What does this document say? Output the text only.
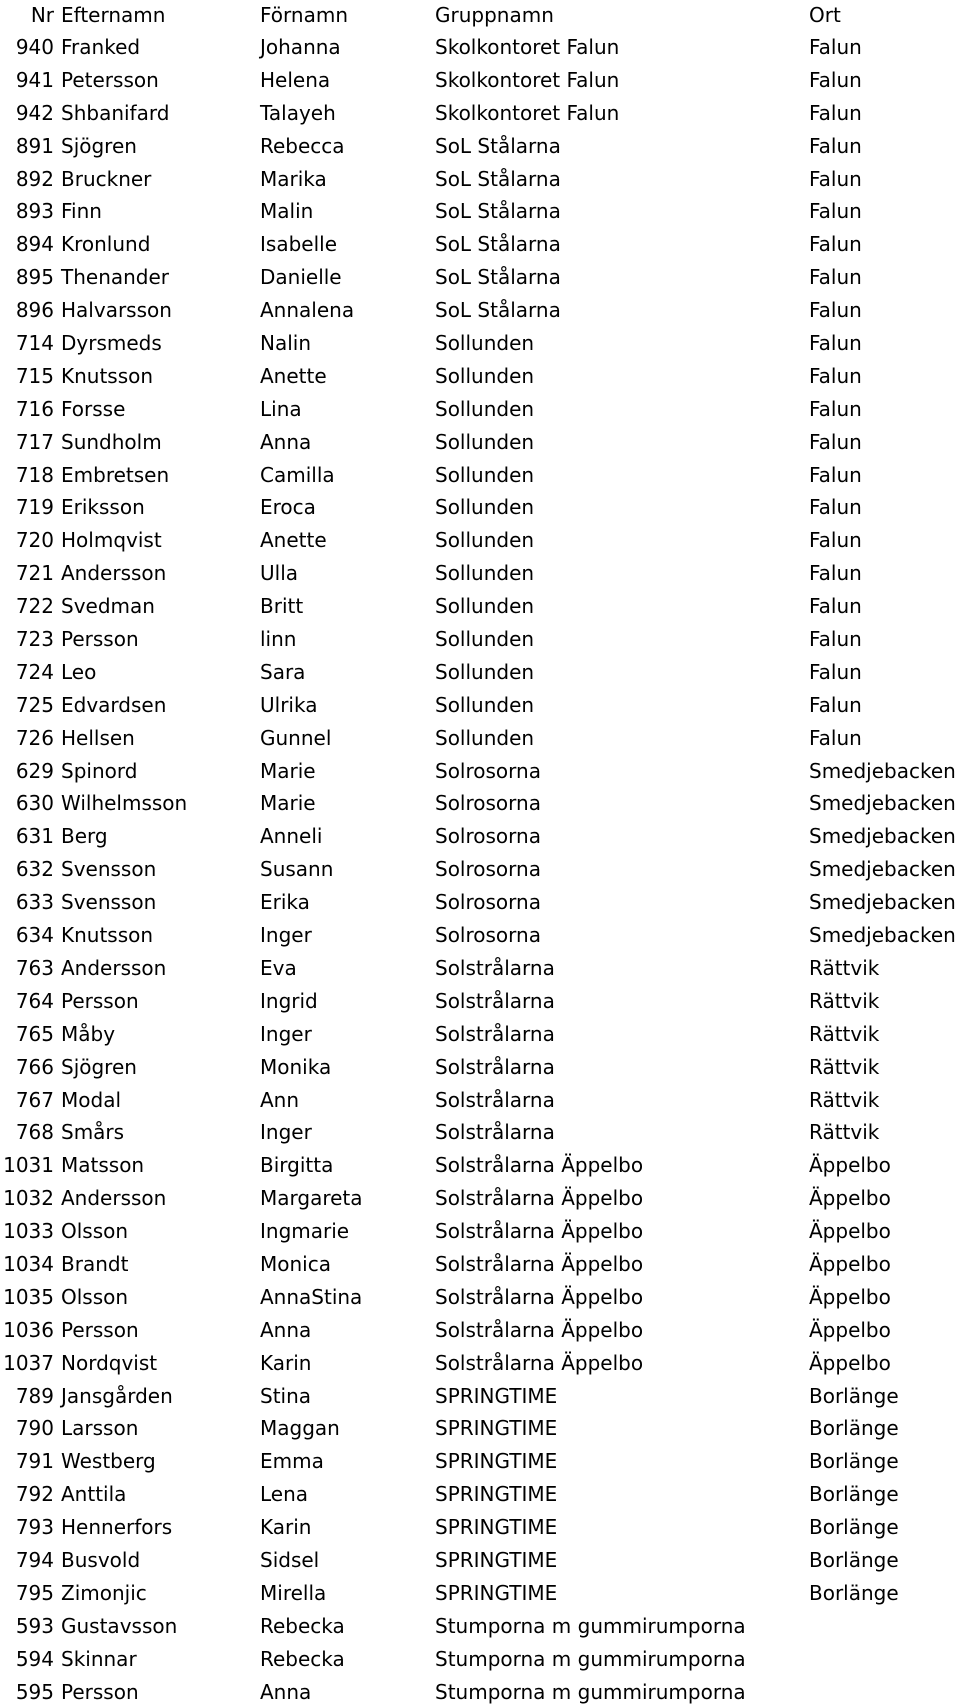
Nr Efternamn	Förnamn	Gruppnamn	Ort
940 Franked	Johanna	Skolkontoret Falun	Falun
941 Petersson	Helena	Skolkontoret Falun	Falun
942 Shbanifard	Talayeh	Skolkontoret Falun	Falun
891 Sjögren	Rebecca	SoL Stålarna	Falun
892 Bruckner	Marika	SoL Stålarna	Falun
893 Finn	Malin	SoL Stålarna	Falun
894 Kronlund	Isabelle	SoL Stålarna	Falun
895 Thenander	Danielle	SoL Stålarna	Falun
896 Halvarsson	Annalena	SoL Stålarna	Falun
714 Dyrsmeds	Nalin	Sollunden	Falun
715 Knutsson	Anette	Sollunden	Falun
716 Forsse	Lina	Sollunden	Falun
717 Sundholm	Anna	Sollunden	Falun
718 Embretsen	Camilla	Sollunden	Falun
719 Eriksson	Eroca	Sollunden	Falun
720 Holmqvist	Anette	Sollunden	Falun
721 Andersson	Ulla	Sollunden	Falun
722 Svedman	Britt	Sollunden	Falun
723 Persson	linn	Sollunden	Falun
724 Leo	Sara	Sollunden	Falun
725 Edvardsen	Ulrika	Sollunden	Falun
726 Hellsen	Gunnel	Sollunden	Falun
629 Spinord	Marie	Solrosorna	Smedjebacken
630 Wilhelmsson	Marie	Solrosorna	Smedjebacken
631 Berg	Anneli	Solrosorna	Smedjebacken
632 Svensson	Susann	Solrosorna	Smedjebacken
633 Svensson	Erika	Solrosorna	Smedjebacken
634 Knutsson	Inger	Solrosorna	Smedjebacken
763 Andersson	Eva	Solstrålarna	Rättvik
764 Persson	Ingrid	Solstrålarna	Rättvik
765 Måby	Inger	Solstrålarna	Rättvik
766 Sjögren	Monika	Solstrålarna	Rättvik
767 Modal	Ann	Solstrålarna	Rättvik
768 Smårs	Inger	Solstrålarna	Rättvik
1031 Matsson	Birgitta	Solstrålarna Äppelbo	Äppelbo
1032 Andersson	Margareta	Solstrålarna Äppelbo	Äppelbo
1033 Olsson	Ingmarie	Solstrålarna Äppelbo	Äppelbo
1034 Brandt	Monica	Solstrålarna Äppelbo	Äppelbo
1035 Olsson	AnnaStina	Solstrålarna Äppelbo	Äppelbo
1036 Persson	Anna	Solstrålarna Äppelbo	Äppelbo
1037 Nordqvist	Karin	Solstrålarna Äppelbo	Äppelbo
789 Jansgården	Stina	SPRINGTIME	Borlänge
790 Larsson	Maggan	SPRINGTIME	Borlänge
791 Westberg	Emma	SPRINGTIME	Borlänge
792 Anttila	Lena	SPRINGTIME	Borlänge
793 Hennerfors	Karin	SPRINGTIME	Borlänge
794 Busvold	Sidsel	SPRINGTIME	Borlänge
795 Zimonjic	Mirella	SPRINGTIME	Borlänge
593 Gustavsson	Rebecka	Stumporna m gummirumporna
594 Skinnar	Rebecka	Stumporna m gummirumporna
595 Persson	Anna	Stumporna m gummirumporna
